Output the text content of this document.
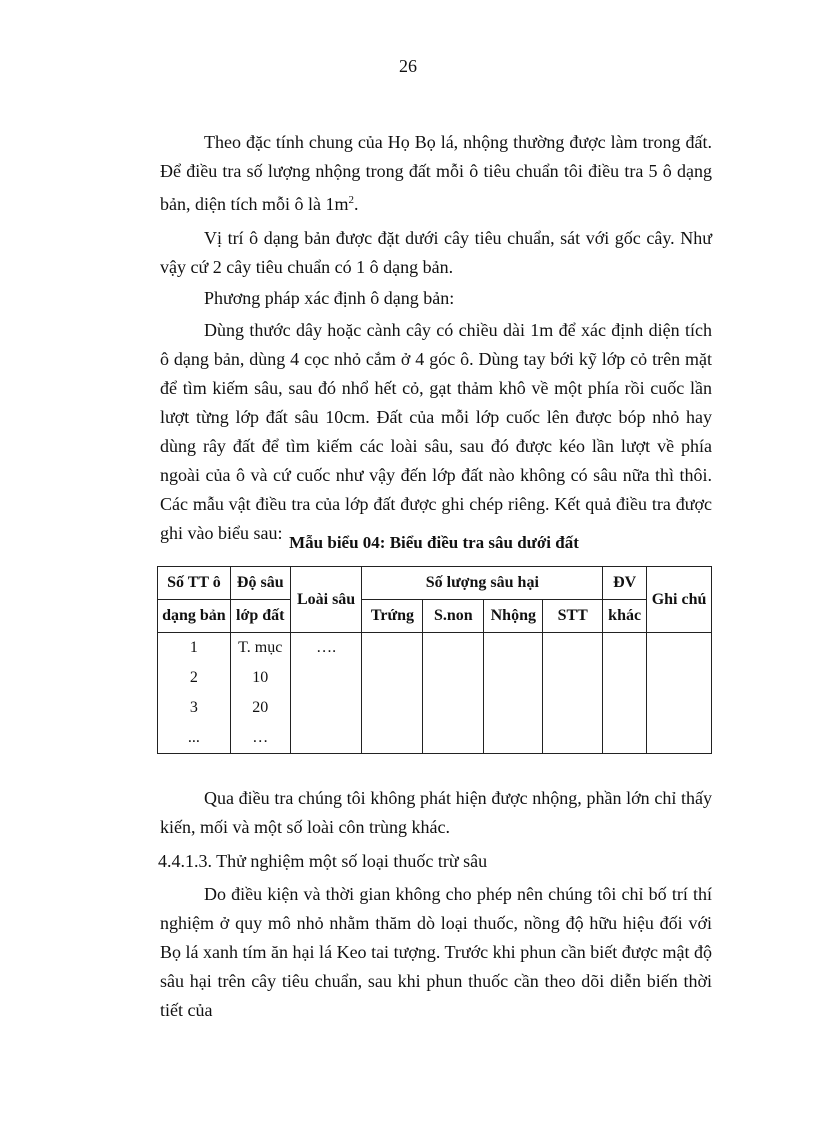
26

Theo đặc tính chung của Họ Bọ lá, nhộng thường được làm trong đất. Để điều tra số lượng nhộng trong đất mỗi ô tiêu chuẩn tôi điều tra 5 ô dạng bản, diện tích mỗi ô là $1m^2$.

Vị trí ô dạng bản được đặt dưới cây tiêu chuẩn, sát với gốc cây. Như vậy cứ 2 cây tiêu chuẩn có 1 ô dạng bản.

Phương pháp xác định ô dạng bản:

Dùng thước dây hoặc cành cây có chiều dài 1m để xác định diện tích ô dạng bản, dùng 4 cọc nhỏ cắm ở 4 góc ô. Dùng tay bới kỹ lớp cỏ trên mặt để tìm kiếm sâu, sau đó nhổ hết cỏ, gạt thảm khô về một phía rồi cuốc lần lượt từng lớp đất sâu 10cm. Đất của mỗi lớp cuốc lên được bóp nhỏ hay dùng rây đất để tìm kiếm các loài sâu, sau đó được kéo lần lượt về phía ngoài của ô và cứ cuốc như vậy đến lớp đất nào không có sâu nữa thì thôi. Các mẫu vật điều tra của lớp đất được ghi chép riêng. Kết quả điều tra được ghi vào biểu sau: Mẫu biểu 04: Biểu điều tra sâu dưới đất
Số TT ô	Độ sâu	Loài sâu	Số lượng sâu hại				ĐV	Ghi chú
dạng bản	lớp đất		Trứng	S.non	Nhộng	STT	khác	
1	T. mục	….						
2	10							
3	20							
...	…							

Qua điều tra chúng tôi không phát hiện được nhộng, phần lớn chỉ thấy kiến, mối và một số loài côn trùng khác.

4.4.1.3. Thử nghiệm một số loại thuốc trừ sâu

Do điều kiện và thời gian không cho phép nên chúng tôi chỉ bố trí thí nghiệm ở quy mô nhỏ nhằm thăm dò loại thuốc, nồng độ hữu hiệu đối với Bọ lá xanh tím ăn hại lá Keo tai tượng. Trước khi phun cần biết được mật độ sâu hại trên cây tiêu chuẩn, sau khi phun thuốc cần theo dõi diễn biến thời tiết của
